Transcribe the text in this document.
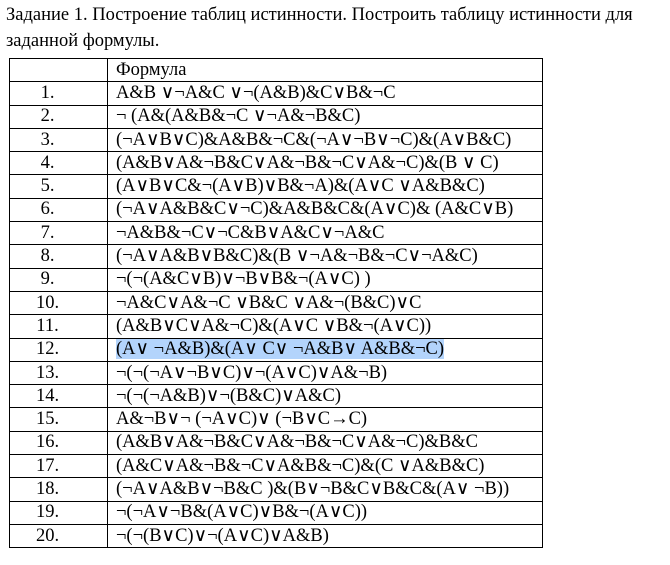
Задание 1. Построение таблиц истинности. Построить таблицу истинности для заданной формулы.

	Формула
1.	A&B ∨¬A&C ∨¬(A&B)&C∨B&¬C
2.	¬ (A&(A&B&¬C ∨¬A&¬B&C)
3.	(¬A∨B∨C)&A&B&¬C&(¬A∨¬B∨¬C)&(A∨B&C)
4.	(A&B∨A&¬B&C∨A&¬B&¬C∨A&¬C)&(B ∨ C)
5.	(A∨B∨C&¬(A∨B)∨B&¬A)&(A∨C ∨A&B&C)
6.	(¬A∨A&B&C∨¬C)&A&B&C&(A∨C)& (A&C∨B)
7.	¬A&B&¬C∨¬C&B∨A&C∨¬A&C
8.	(¬A∨A&B∨B&C)&(B ∨¬A&¬B&¬C∨¬A&C)
9.	¬(¬(A&C∨B)∨¬B∨B&¬(A∨C) )
10.	¬A&C∨A&¬C ∨B&C ∨A&¬(B&C)∨C
11.	(A&B∨C∨A&¬C)&(A∨C ∨B&¬(A∨C))
12.	(A∨ ¬A&B)&(A∨ C∨ ¬A&B∨ A&B&¬C)
13.	¬(¬(¬A∨¬B∨C)∨¬(A∨C)∨A&¬B)
14.	¬(¬(¬A&B)∨¬(B&C)∨A&C)
15.	A&¬B∨¬ (¬A∨C)∨ (¬B∨C→C)
16.	(A&B∨A&¬B&C∨A&¬B&¬C∨A&¬C)&B&C
17.	(A&C∨A&¬B&¬C∨A&B&¬C)&(C ∨A&B&C)
18.	(¬A∨A&B∨¬B&C )&(B∨¬B&C∨B&C&(A∨ ¬B))
19.	¬(¬A∨¬B&(A∨C)∨B&¬(A∨C))
20.	¬(¬(B∨C)∨¬(A∨C)∨A&B)
